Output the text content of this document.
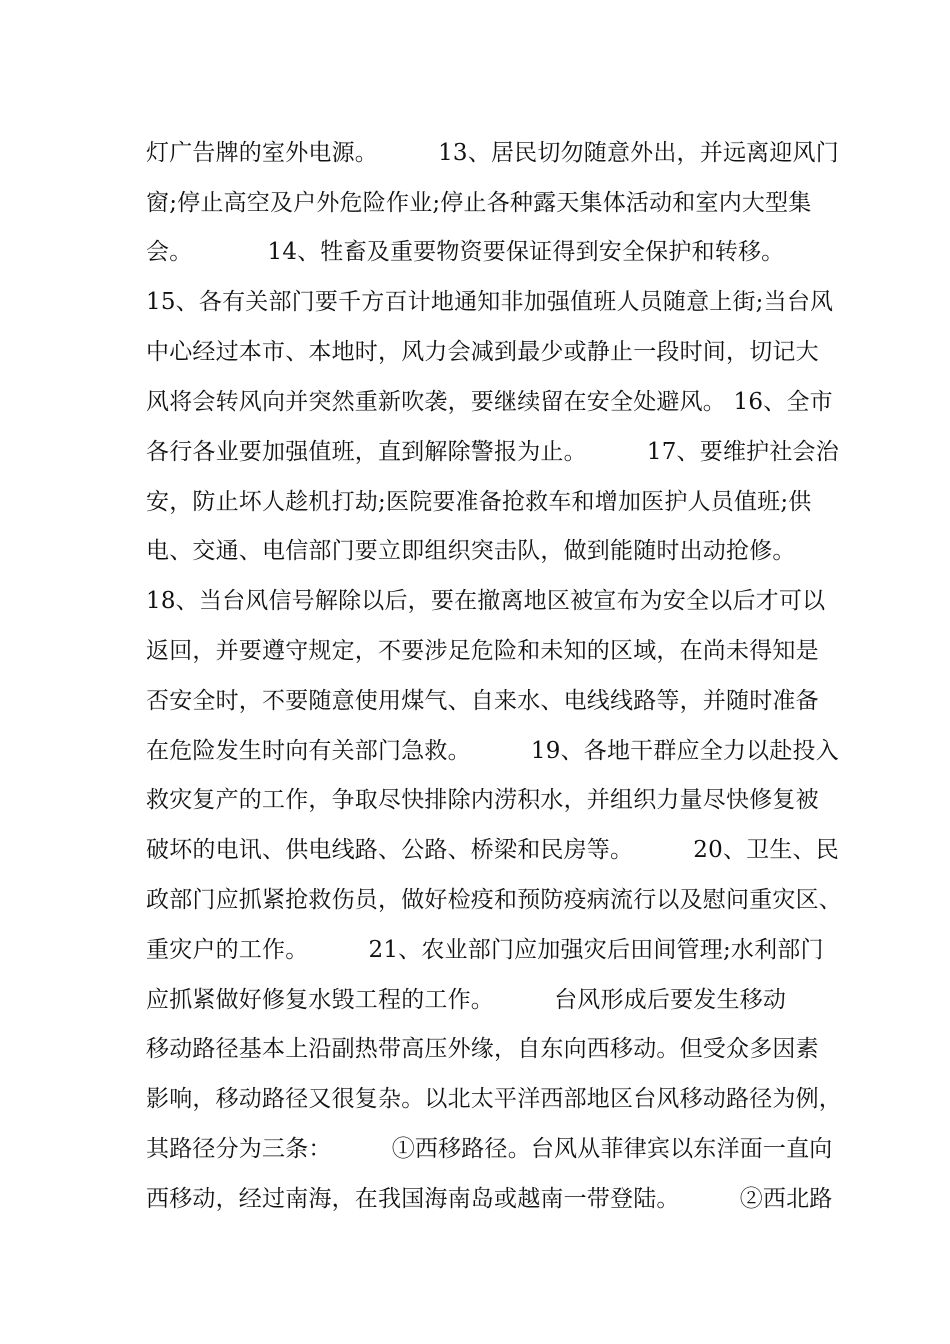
灯广告牌的室外电源。        13、居民切勿随意外出，并远离迎风门
窗;停止高空及户外危险作业;停止各种露天集体活动和室内大型集
会。          14、牲畜及重要物资要保证得到安全保护和转移。
15、各有关部门要千方百计地通知非加强值班人员随意上街;当台风
中心经过本市、本地时，风力会减到最少或静止一段时间，切记大
风将会转风向并突然重新吹袭，要继续留在安全处避风。 16、全市
各行各业要加强值班，直到解除警报为止。        17、要维护社会治
安，防止坏人趁机打劫;医院要准备抢救车和增加医护人员值班;供
电、交通、电信部门要立即组织突击队，做到能随时出动抢修。
18、当台风信号解除以后，要在撤离地区被宣布为安全以后才可以
返回，并要遵守规定，不要涉足危险和未知的区域，在尚未得知是
否安全时，不要随意使用煤气、自来水、电线线路等，并随时准备
在危险发生时向有关部门急救。        19、各地干群应全力以赴投入
救灾复产的工作，争取尽快排除内涝积水，并组织力量尽快修复被
破坏的电讯、供电线路、公路、桥梁和民房等。        20、卫生、民
政部门应抓紧抢救伤员，做好检疫和预防疫病流行以及慰问重灾区、
重灾户的工作。        21、农业部门应加强灾后田间管理;水利部门
应抓紧做好修复水毁工程的工作。        台风形成后要发生移动
移动路径基本上沿副热带高压外缘，自东向西移动。但受众多因素
影响，移动路径又很复杂。以北太平洋西部地区台风移动路径为例，
其路径分为三条：        ①西移路径。台风从菲律宾以东洋面一直向
西移动，经过南海，在我国海南岛或越南一带登陆。        ②西北路
